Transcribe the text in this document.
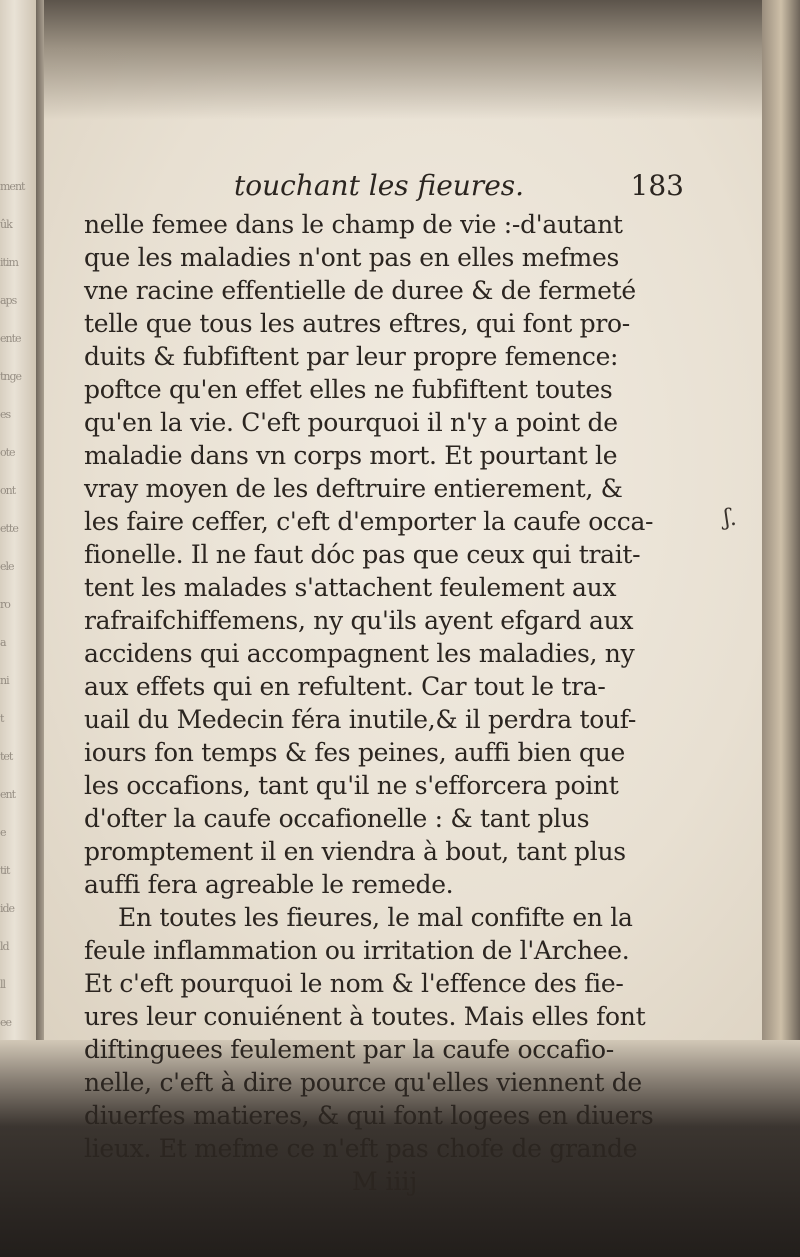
ment
ûk
itim
aps
ente
tnge
es
ote
ont
ette
ele
ro
a
ni
t
tet
ent
e
tit
ide
ld
ll
ee
touchant les fieures.	183
nelle femee dans le champ de vie :-d'autant
que les maladies n'ont pas en elles mefmes
vne racine effentielle de duree & de fermeté
telle que tous les autres eftres, qui font pro-
duits & fubfiftent par leur propre femence:
poftce qu'en effet elles ne fubfiftent toutes
qu'en la vie. C'eft pourquoi il n'y a point de
maladie dans vn corps mort. Et pourtant le
vray moyen de les deftruire entierement, &
les faire ceffer, c'eft d'emporter la caufe occa-
fionelle. Il ne faut dóc pas que ceux qui trait-
tent les malades s'attachent feulement aux
rafraifchiffemens, ny qu'ils ayent efgard aux
accidens qui accompagnent les maladies, ny
aux effets qui en refultent. Car tout le tra-
uail du Medecin féra inutile,& il perdra touf-
iours fon temps & fes peines, auffi bien que
les occafions, tant qu'il ne s'efforcera point
d'ofter la caufe occafionelle : & tant plus
promptement il en viendra à bout, tant plus
auffi fera agreable le remede.
En toutes les fieures, le mal confifte en la
feule inflammation ou irritation de l'Archee.
Et c'eft pourquoi le nom & l'effence des fie-
ures leur conuiénent à toutes. Mais elles font
diftinguees feulement par la caufe occafio-
nelle, c'eft à dire pource qu'elles viennent de
diuerfes matieres, & qui font logees en diuers
lieux. Et mefme ce n'eft pas chofe de grande
M iiij
ʃ.
